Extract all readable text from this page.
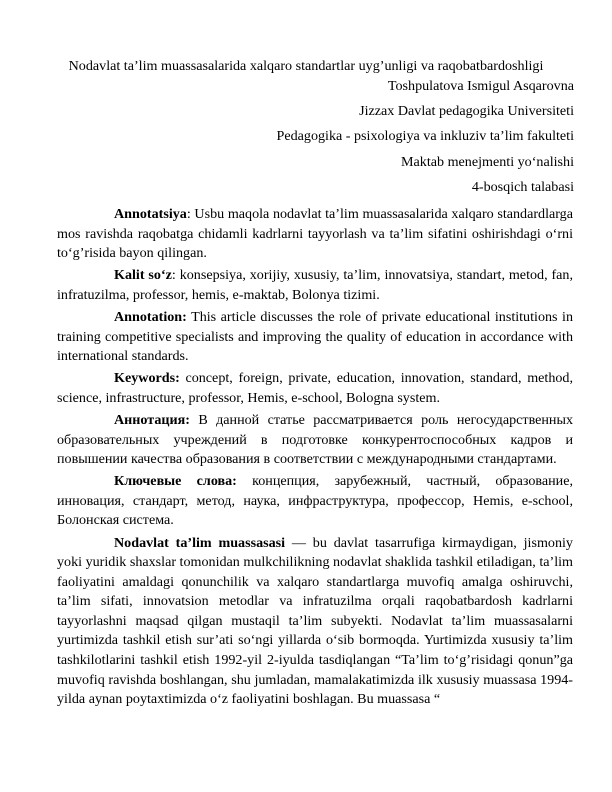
Nodavlat ta’lim muassasalarida xalqaro standartlar uyg’unligi va raqobatbardoshligi
Toshpulatova Ismigul Asqarovna
Jizzax Davlat pedagogika Universiteti
Pedagogika - psixologiya va inkluziv ta’lim fakulteti
Maktab menejmenti yo‘nalishi
4-bosqich talabasi

Annotatsiya: Usbu maqola nodavlat ta’lim muassasalarida xalqaro standardlarga mos ravishda raqobatga chidamli kadrlarni tayyorlash va ta’lim sifatini oshirishdagi o‘rni to‘g’risida bayon qilingan.

Kalit so‘z: konsepsiya, xorijiy, xususiy, ta’lim, innovatsiya, standart, metod, fan, infratuzilma, professor, hemis, e-maktab, Bolonya tizimi.

Annotation: This article discusses the role of private educational institutions in training competitive specialists and improving the quality of education in accordance with international standards.

Keywords: concept, foreign, private, education, innovation, standard, method, science, infrastructure, professor, Hemis, e-school, Bologna system.

Аннотация: В данной статье рассматривается роль негосударственных образовательных учреждений в подготовке конкурентоспособных кадров и повышении качества образования в соответствии с международными стандартами.

Ключевые слова: концепция, зарубежный, частный, образование, инновация, стандарт, метод, наука, инфраструктура, профессор, Hemis, e-school, Болонская система.

Nodavlat ta’lim muassasasi — bu davlat tasarrufiga kirmaydigan, jismoniy yoki yuridik shaxslar tomonidan mulkchilikning nodavlat shaklida tashkil etiladigan, ta’lim faoliyatini amaldagi qonunchilik va xalqaro standartlarga muvofiq amalga oshiruvchi, ta’lim sifati, innovatsion metodlar va infratuzilma orqali raqobatbardosh kadrlarni tayyorlashni maqsad qilgan mustaqil ta’lim subyekti. Nodavlat ta’lim muassasalarni yurtimizda tashkil etish sur’ati so‘ngi yillarda o‘sib bormoqda. Yurtimizda xususiy ta’lim tashkilotlarini tashkil etish 1992-yil 2-iyulda tasdiqlangan “Ta’lim to‘g’risidagi qonun”ga muvofiq ravishda boshlangan, shu jumladan, mamalakatimizda ilk xususiy muassasa 1994-yilda aynan poytaxtimizda o‘z faoliyatini boshlagan. Bu muassasa “
